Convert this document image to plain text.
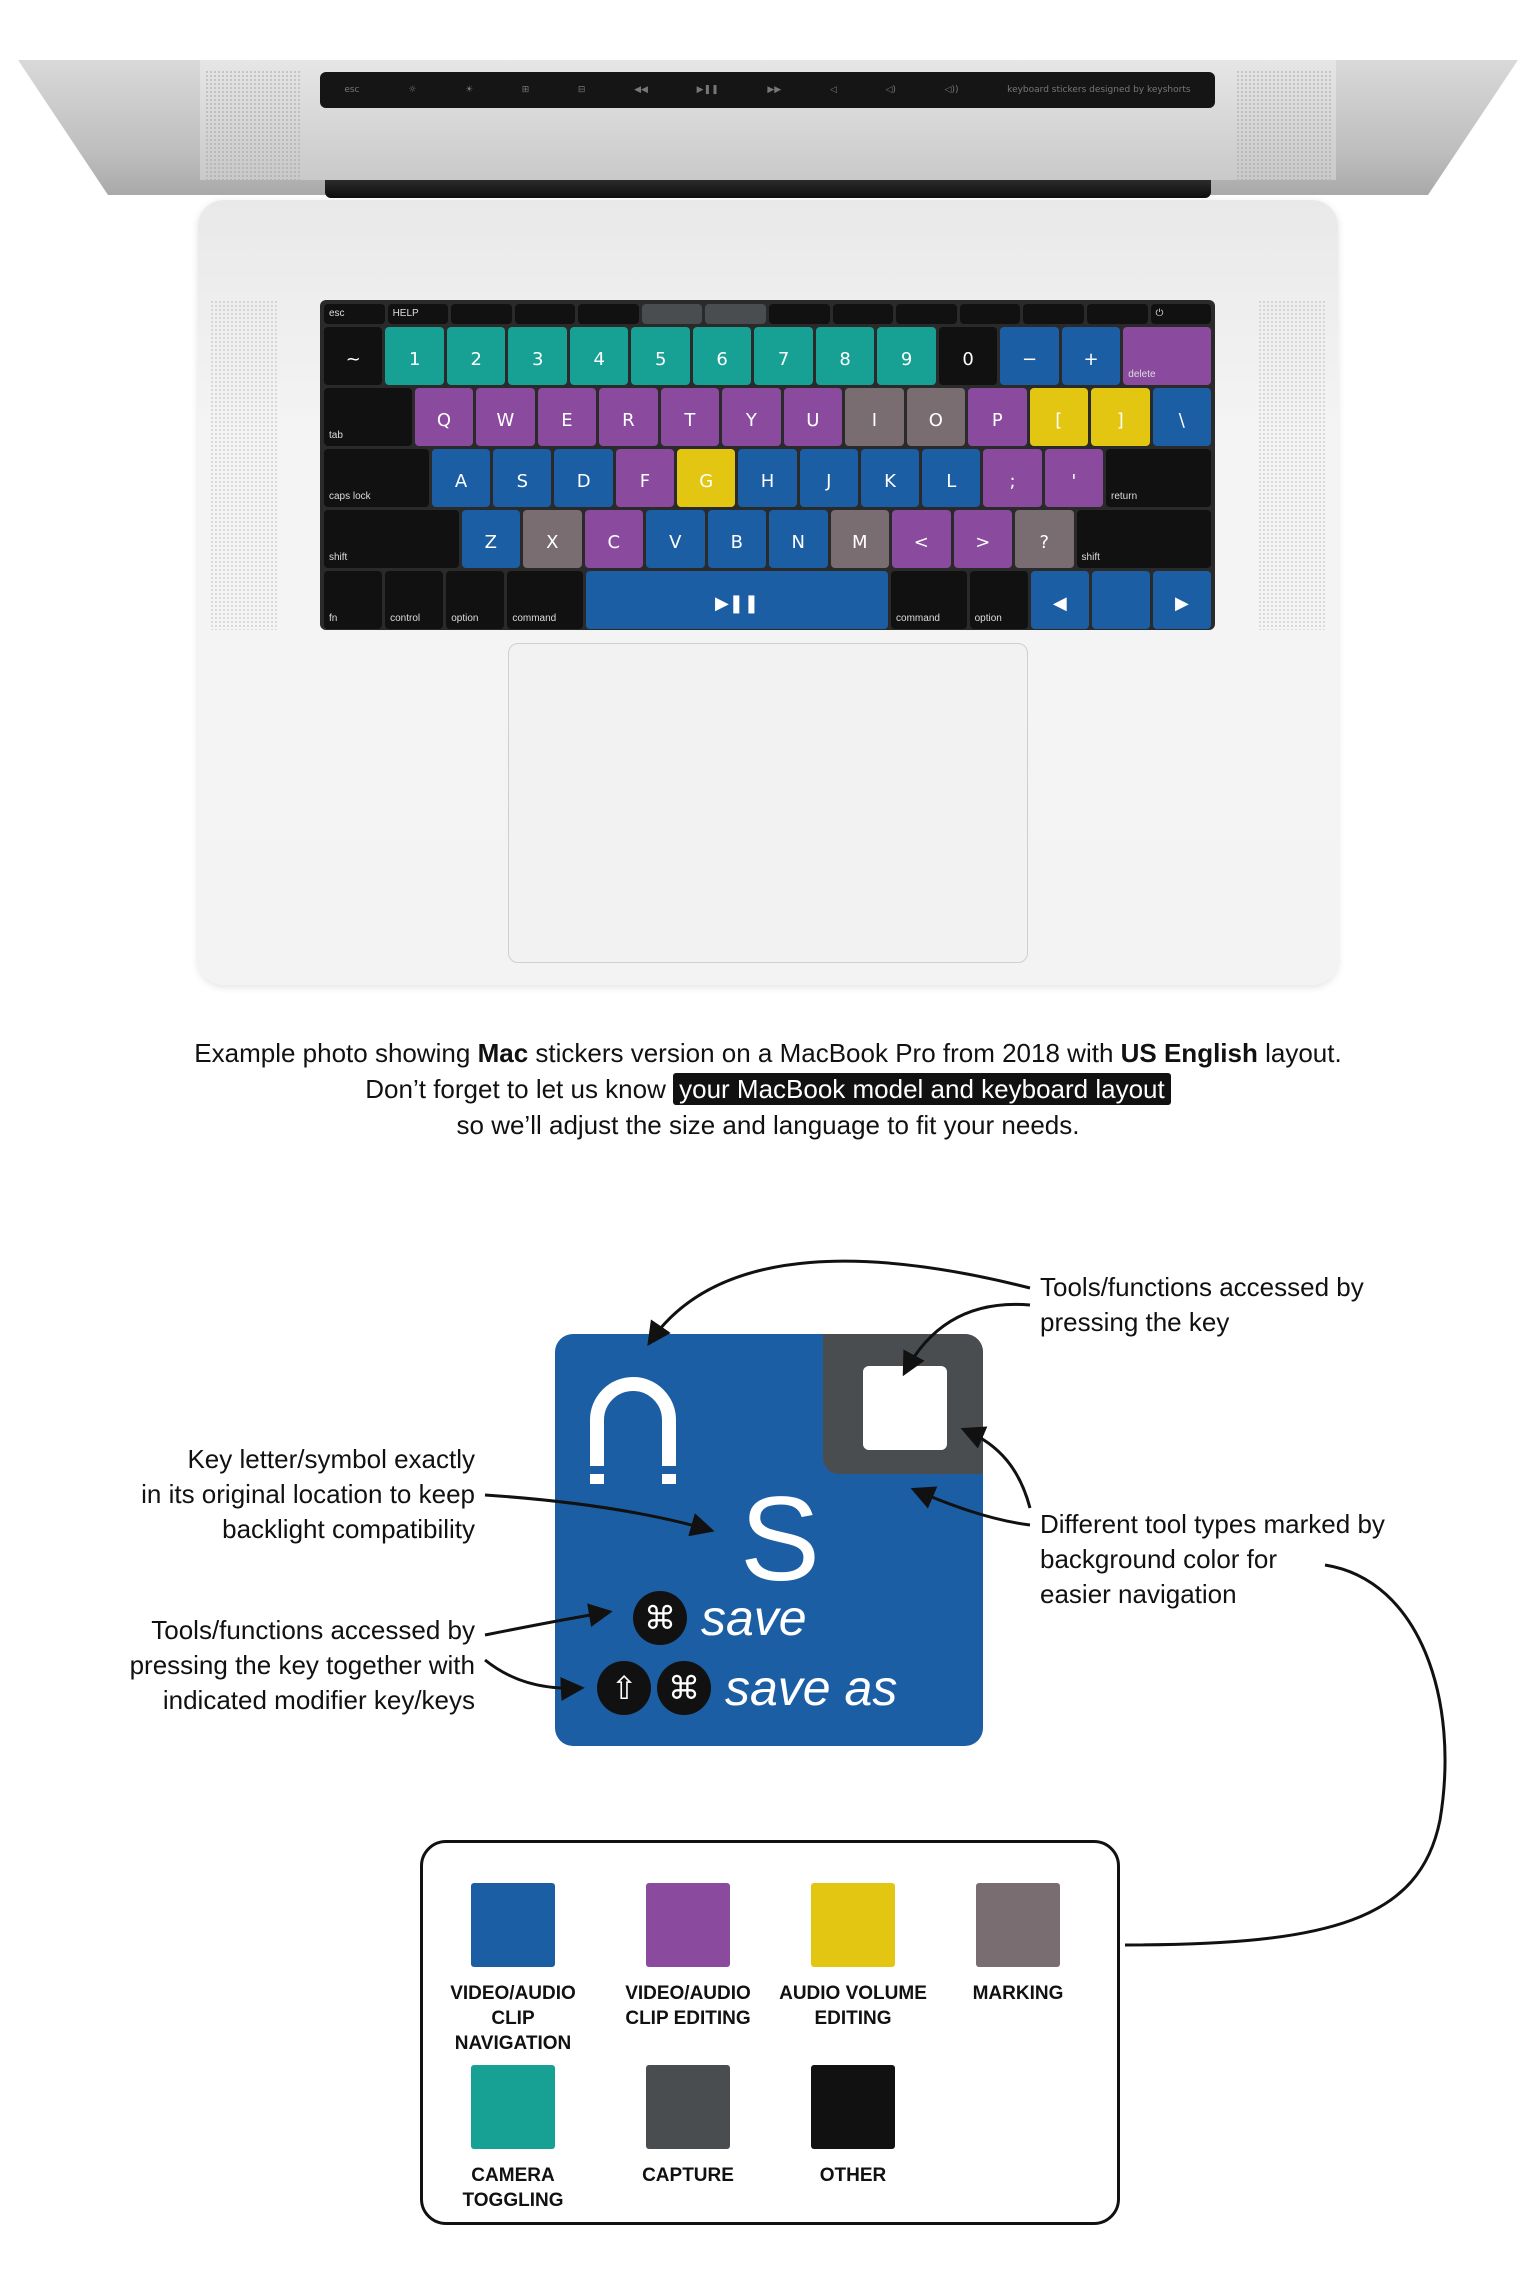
esc	☼	☀	⊞	⊟	◀◀	▶❚❚	▶▶	◁	◁)	◁))	keyboard stickers designed by keyshorts
esc	HELP	⏻
~	1	2	3	4	5	6	7	8	9	0	−	+
delete
tab
Q	W	E	R	T	Y	U	I	O	P	[	]	\
caps lock
A	S	D	F	G	H	J	K	L	;	'
return
shift
Z	X	C	V	B	N	M	<	>	?
shift
fn	control	option	command
▶❚❚
command	option
◀	▶
Example photo showing Mac stickers version on a MacBook Pro from 2018 with US English layout.
Don’t forget to let us know your MacBook model and keyboard layout
so we’ll adjust the size and language to fit your needs.
S
⌘ save
⇧ ⌘ save as
Tools/functions accessed by
pressing the key
Different tool types marked by
background color for
easier navigation
Key letter/symbol exactly
in its original location to keep
backlight compatibility
Tools/functions accessed by
pressing the key together with
indicated modifier key/keys
VIDEO/AUDIO
CLIP NAVIGATION
VIDEO/AUDIO
CLIP EDITING
AUDIO VOLUME
EDITING
MARKING
CAMERA
TOGGLING
CAPTURE	OTHER
